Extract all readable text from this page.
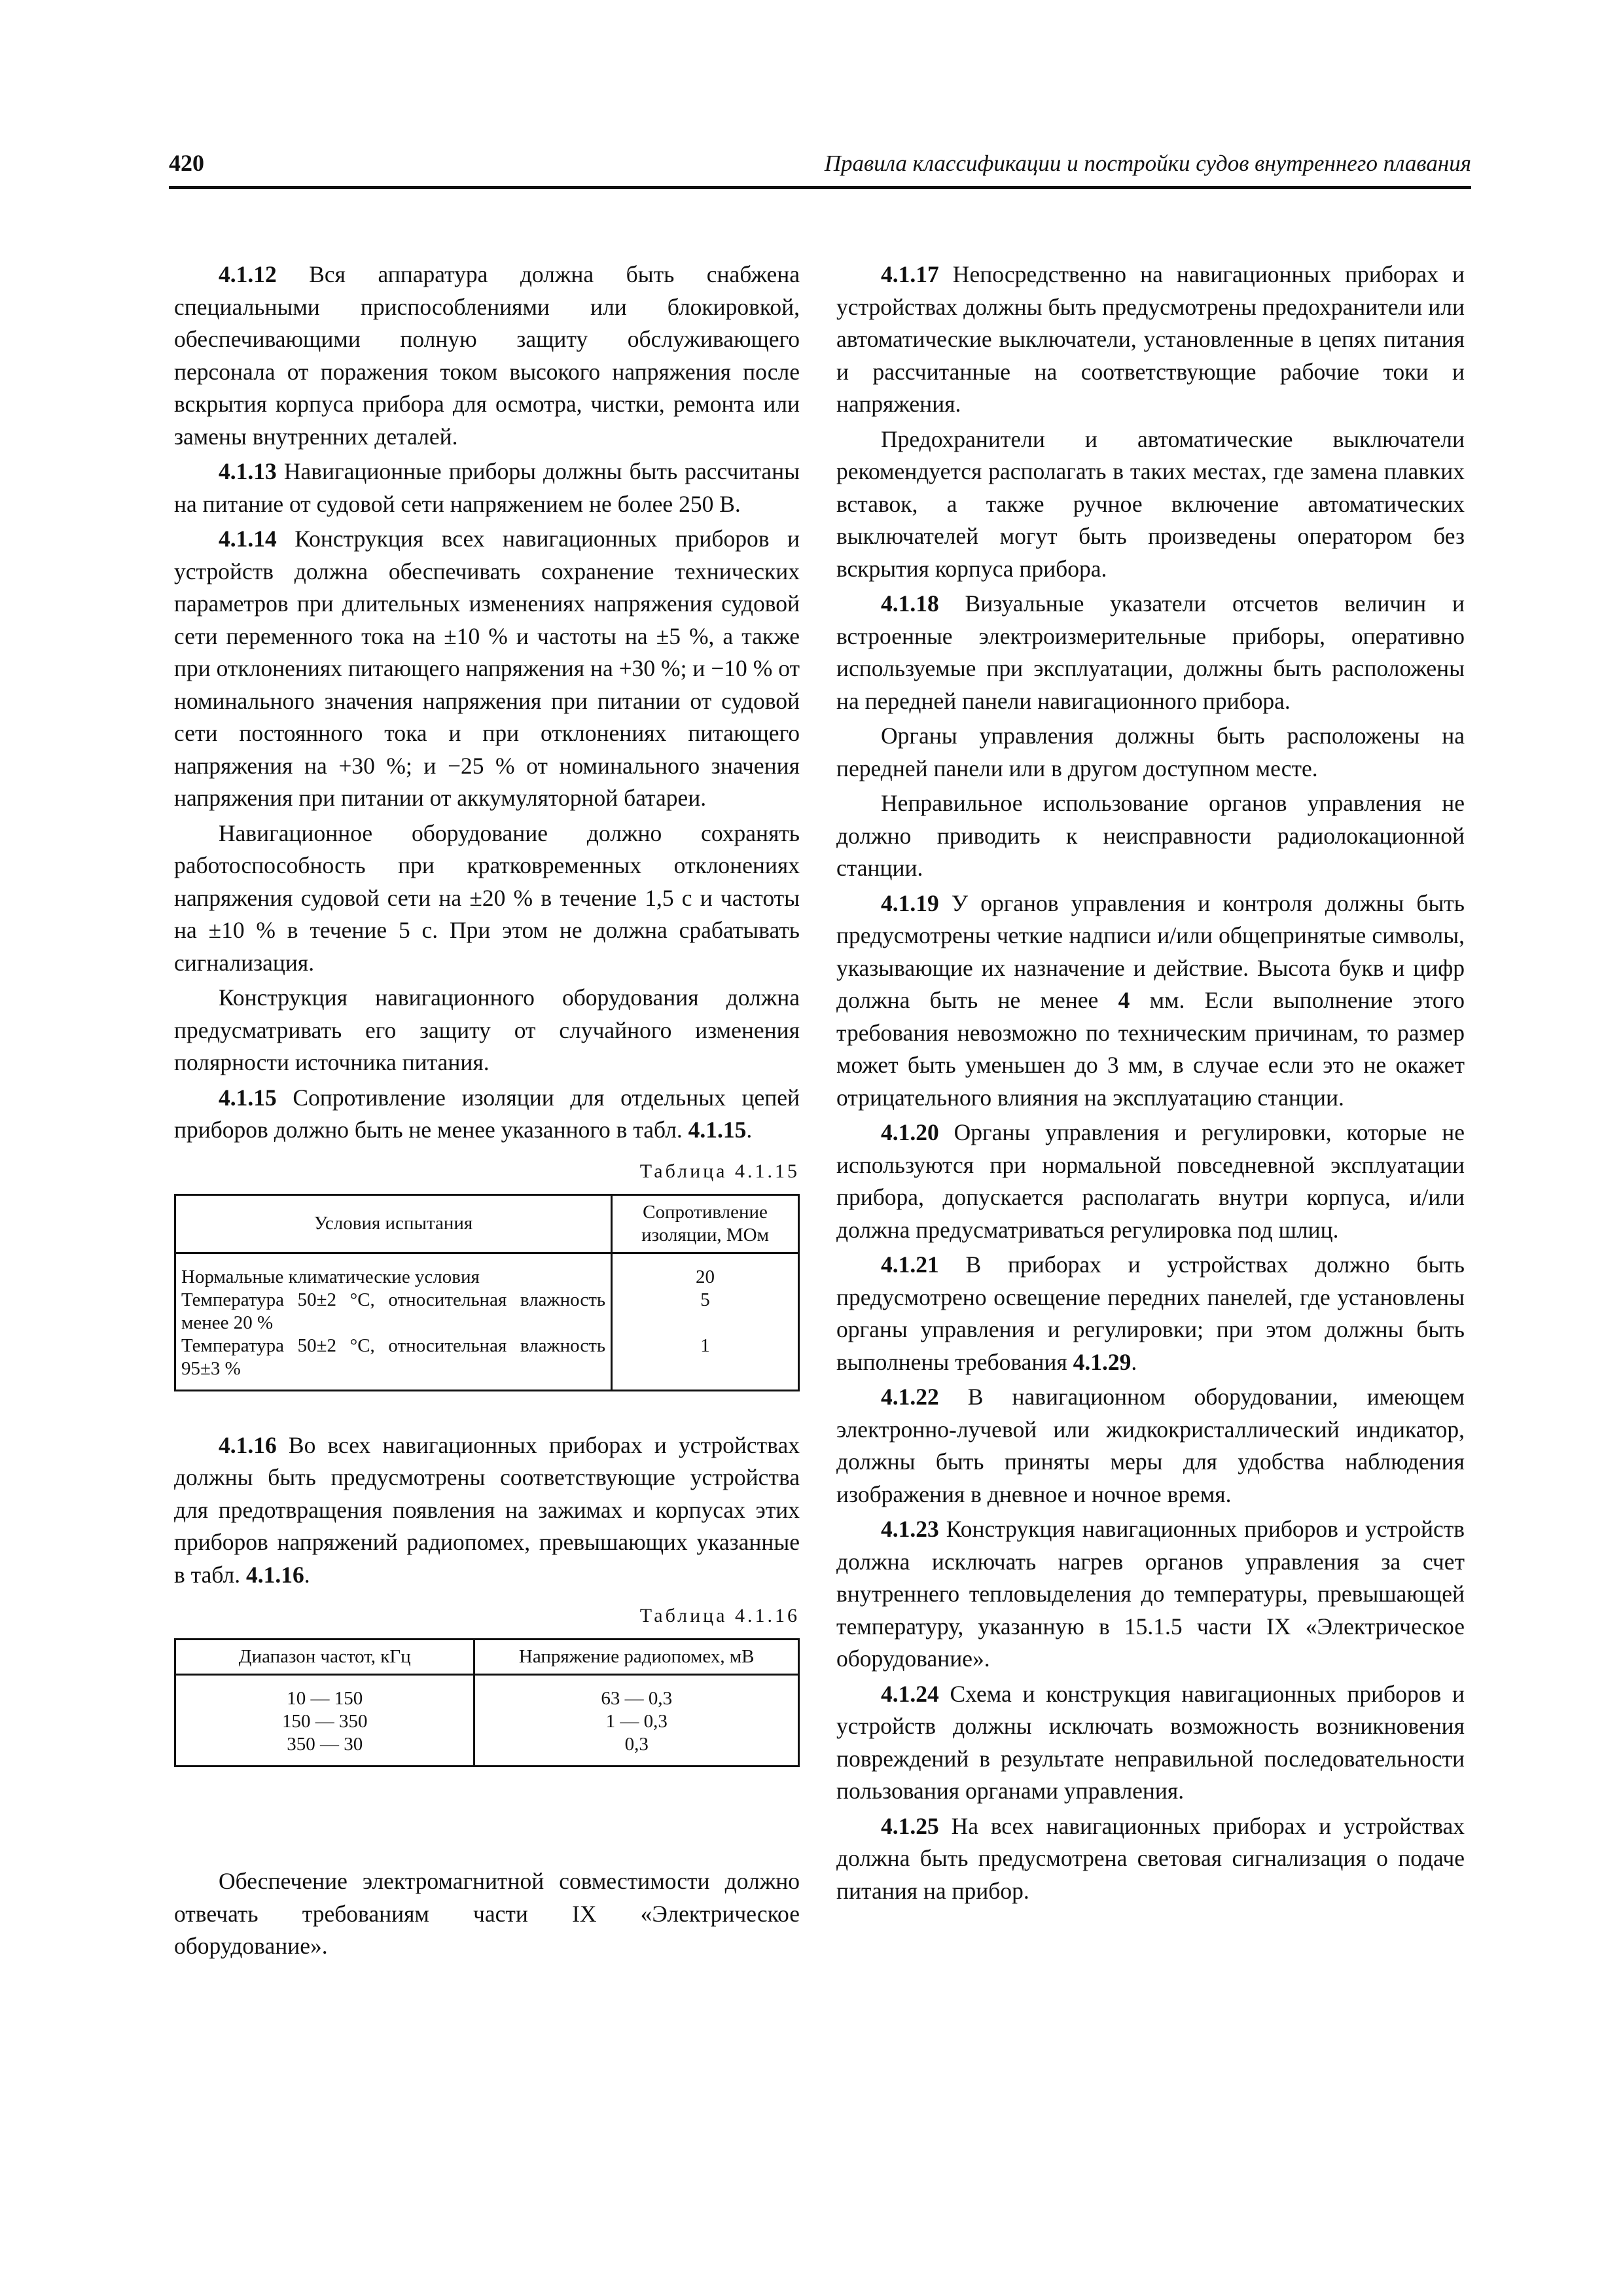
420	Правила классификации и постройки судов внутреннего плавания

4.1.12 Вся аппаратура должна быть снабжена специальными приспособлениями или блокировкой, обеспечивающими полную защиту обслуживающего персонала от поражения током высокого напряжения после вскрытия корпуса прибора для осмотра, чистки, ремонта или замены внутренних деталей.

4.1.13 Навигационные приборы должны быть рассчитаны на питание от судовой сети напряжением не более 250 В.

4.1.14 Конструкция всех навигационных приборов и устройств должна обеспечивать сохранение технических параметров при длительных изменениях напряжения судовой сети переменного тока на ±10 % и частоты на ±5 %, а также при отклонениях питающего напряжения на +30 %; и −10 % от номинального значения напряжения при питании от судовой сети постоянного тока и при отклонениях питающего напряжения на +30 %; и −25 % от номинального значения напряжения при питании от аккумуляторной батареи.

Навигационное оборудование должно сохранять работоспособность при кратковременных отклонениях напряжения судовой сети на ±20 % в течение 1,5 с и частоты на ±10 % в течение 5 с. При этом не должна срабатывать сигнализация.

Конструкция навигационного оборудования должна предусматривать его защиту от случайного изменения полярности источника питания.

4.1.15 Сопротивление изоляции для отдельных цепей приборов должно быть не менее указанного в табл. 4.1.15.

Таблица 4.1.15
Условия испытания	Сопротивление изоляции, МОм
Нормальные климатические условия	20
Температура 50±2 °С, относительная влажность менее 20 %	5
Температура 50±2 °С, относительная влажность 95±3 %	1

4.1.16 Во всех навигационных приборах и устройствах должны быть предусмотрены соответствующие устройства для предотвращения появления на зажимах и корпусах этих приборов напряжений радиопомех, превышающих указанные в табл. 4.1.16.

Таблица 4.1.16
Диапазон частот, кГц	Напряжение радиопомех, мВ
10 — 150	63 — 0,3
150 — 350	1 — 0,3
350 — 30	0,3

Обеспечение электромагнитной совместимости должно отвечать требованиям части IX «Электрическое оборудование».

4.1.17 Непосредственно на навигационных приборах и устройствах должны быть предусмотрены предохранители или автоматические выключатели, установленные в цепях питания и рассчитанные на соответствующие рабочие токи и напряжения.

Предохранители и автоматические выключатели рекомендуется располагать в таких местах, где замена плавких вставок, а также ручное включение автоматических выключателей могут быть произведены оператором без вскрытия корпуса прибора.

4.1.18 Визуальные указатели отсчетов величин и встроенные электроизмерительные приборы, оперативно используемые при эксплуатации, должны быть расположены на передней панели навигационного прибора.

Органы управления должны быть расположены на передней панели или в другом доступном месте.

Неправильное использование органов управления не должно приводить к неисправности радиолокационной станции.

4.1.19 У органов управления и контроля должны быть предусмотрены четкие надписи и/или общепринятые символы, указывающие их назначение и действие. Высота букв и цифр должна быть не менее 4 мм. Если выполнение этого требования невозможно по техническим причинам, то размер может быть уменьшен до 3 мм, в случае если это не окажет отрицательного влияния на эксплуатацию станции.

4.1.20 Органы управления и регулировки, которые не используются при нормальной повседневной эксплуатации прибора, допускается располагать внутри корпуса, и/или должна предусматриваться регулировка под шлиц.

4.1.21 В приборах и устройствах должно быть предусмотрено освещение передних панелей, где установлены органы управления и регулировки; при этом должны быть выполнены требования 4.1.29.

4.1.22 В навигационном оборудовании, имеющем электронно-лучевой или жидкокристаллический индикатор, должны быть приняты меры для удобства наблюдения изображения в дневное и ночное время.

4.1.23 Конструкция навигационных приборов и устройств должна исключать нагрев органов управления за счет внутреннего тепловыделения до температуры, превышающей температуру, указанную в 15.1.5 части IX «Электрическое оборудование».

4.1.24 Схема и конструкция навигационных приборов и устройств должны исключать возможность возникновения повреждений в результате неправильной последовательности пользования органами управления.

4.1.25 На всех навигационных приборах и устройствах должна быть предусмотрена световая сигнализация о подаче питания на прибор.
